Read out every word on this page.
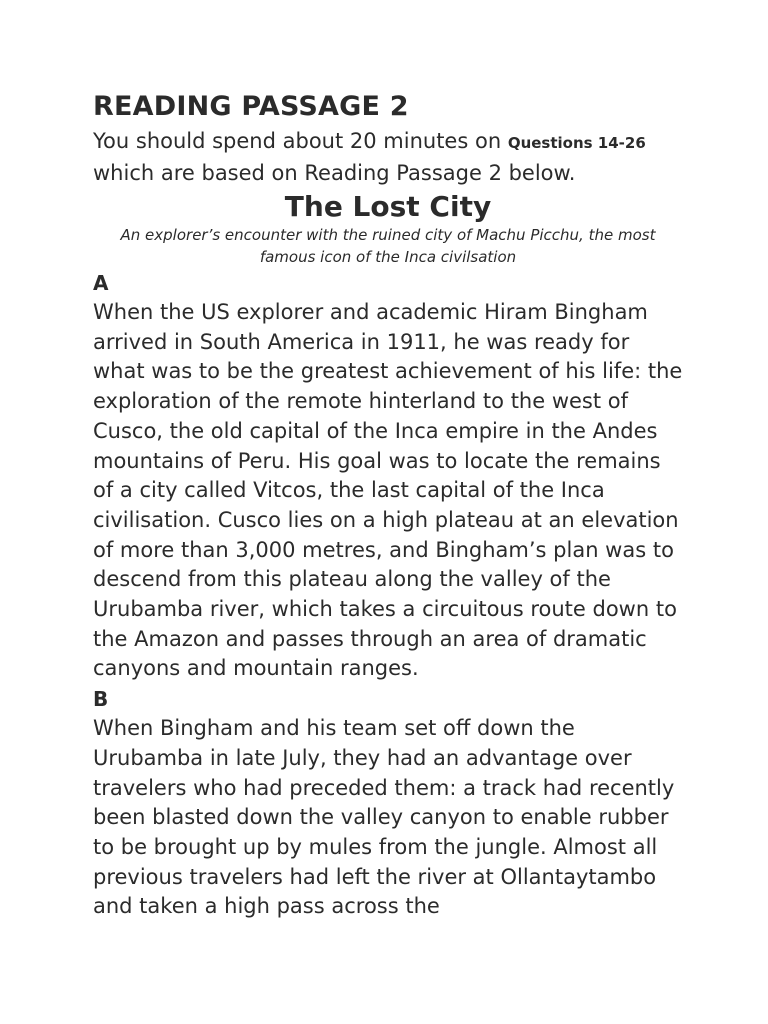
READING PASSAGE 2

You should spend about 20 minutes on Questions 14-26 which are based on Reading Passage 2 below.

The Lost City

An explorer’s encounter with the ruined city of Machu Picchu, the most famous icon of the Inca civilsation

A

When the US explorer and academic Hiram Bingham arrived in South America in 1911, he was ready for what was to be the greatest achievement of his life: the exploration of the remote hinterland to the west of Cusco, the old capital of the Inca empire in the Andes mountains of Peru. His goal was to locate the remains of a city called Vitcos, the last capital of the Inca civilisation. Cusco lies on a high plateau at an elevation of more than 3,000 metres, and Bingham’s plan was to descend from this plateau along the valley of the Urubamba river, which takes a circuitous route down to the Amazon and passes through an area of dramatic canyons and mountain ranges.

B

When Bingham and his team set off down the Urubamba in late July, they had an advantage over travelers who had preceded them: a track had recently been blasted down the valley canyon to enable rubber to be brought up by mules from the jungle. Almost all previous travelers had left the river at Ollantaytambo and taken a high pass across the
